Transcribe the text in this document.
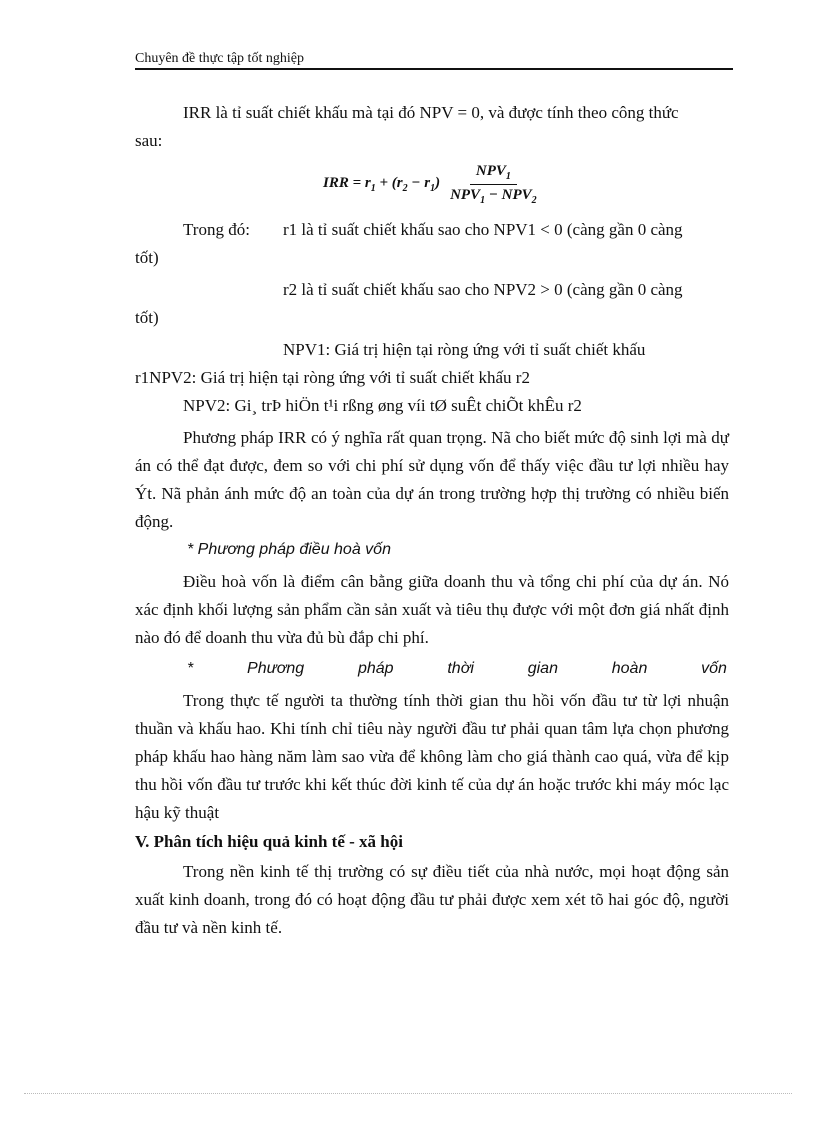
Chuyên đề thực tập tốt nghiệp
IRR là tỉ suất chiết khấu mà tại đó NPV = 0, và được tính theo công thức
sau:
IRR = $r_1 + (r_2 - r_1) \frac{NPV_1}{NPV_1 - NPV_2}$
Trong đó:	r1 là tỉ suất chiết khấu sao cho NPV1 < 0 (càng gần 0 càng
tốt)
r2 là tỉ suất chiết khấu sao cho NPV2 > 0 (càng gần 0 càng
tốt)
NPV1: Giá trị hiện tại ròng ứng với tỉ suất chiết khấu
r1NPV2: Giá trị hiện tại ròng ứng với tỉ suất chiết khấu r2
NPV2: Gi¸ trÞ hiÖn t¹i rßng øng víi tØ suÊt chiÕt khÊu r2

Phương pháp IRR có ý nghĩa rất quan trọng. Nã cho biết mức độ sinh lợi mà dự án có thể đạt được, đem so với chi phí sử dụng vốn để thấy việc đầu tư lợi nhiều hay Ýt. Nã phản ánh mức độ an toàn của dự án trong trường hợp thị trường có nhiều biến động.

* Phương pháp điều hoà vốn

Điều hoà vốn là điểm cân bằng giữa doanh thu và tổng chi phí của dự án. Nó xác định khối lượng sản phẩm cần sản xuất và tiêu thụ được với một đơn giá nhất định nào đó để doanh thu vừa đủ bù đắp chi phí.

*	Phương	pháp	thời	gian	hoàn	vốn

Trong thực tế người ta thường tính thời gian thu hồi vốn đầu tư từ lợi nhuận thuần và khấu hao. Khi tính chỉ tiêu này người đầu tư phải quan tâm lựa chọn phương pháp khấu hao hàng năm làm sao vừa để không làm cho giá thành cao quá, vừa để kịp thu hồi vốn đầu tư trước khi kết thúc đời kinh tế của dự án hoặc trước khi máy móc lạc hậu kỹ thuật

V. Phân tích hiệu quả kinh tế - xã hội

Trong nền kinh tế thị trường có sự điều tiết của nhà nước, mọi hoạt động sản xuất kinh doanh, trong đó có hoạt động đầu tư phải được xem xét tõ hai góc độ, người đầu tư và nền kinh tế.
